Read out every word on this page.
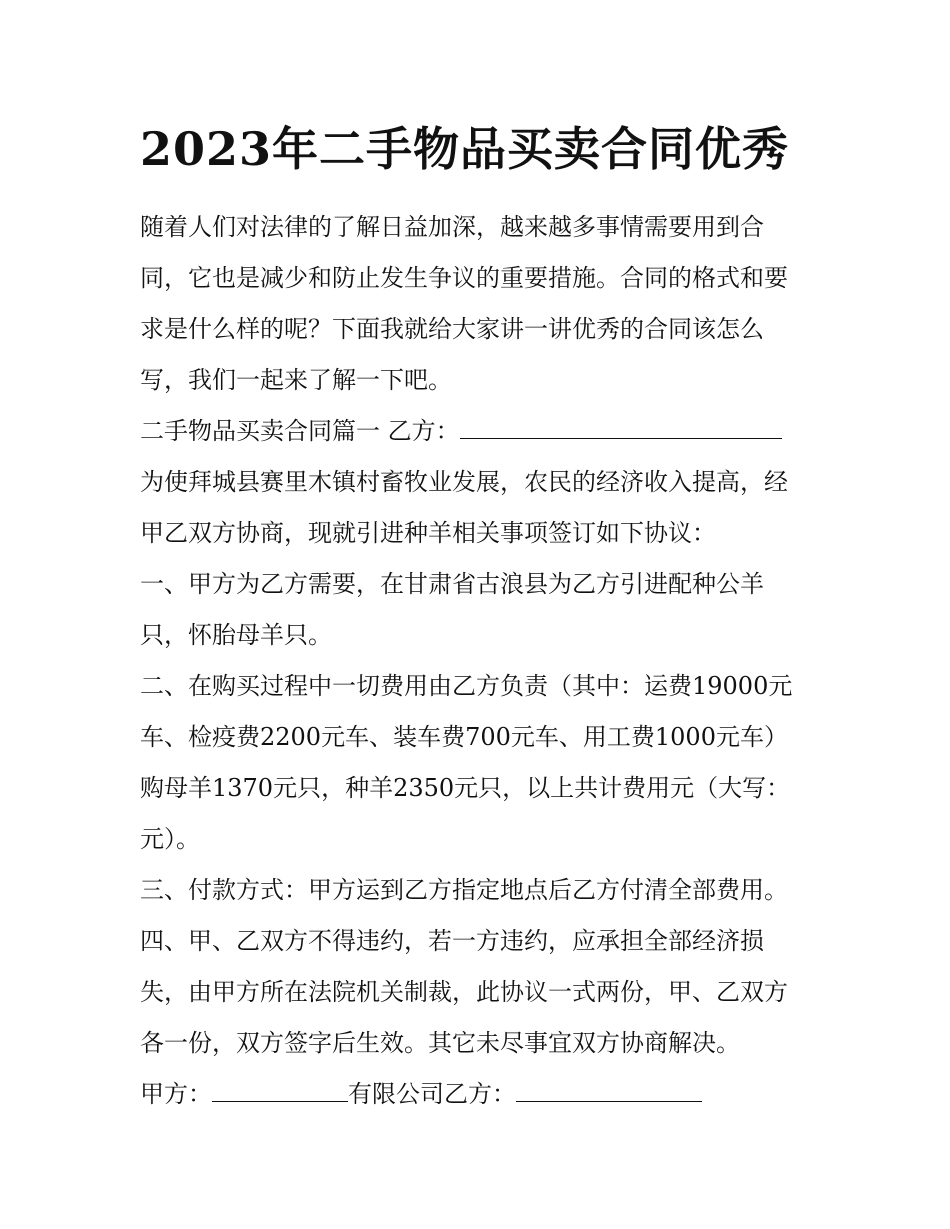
2023年二手物品买卖合同优秀

随着人们对法律的了解日益加深，越来越多事情需要用到合

同，它也是减少和防止发生争议的重要措施。合同的格式和要

求是什么样的呢？下面我就给大家讲一讲优秀的合同该怎么

写，我们一起来了解一下吧。

二手物品买卖合同篇一 乙方：

为使拜城县赛里木镇村畜牧业发展，农民的经济收入提高，经

甲乙双方协商，现就引进种羊相关事项签订如下协议：

一、甲方为乙方需要，在甘肃省古浪县为乙方引进配种公羊

只，怀胎母羊只。

二、在购买过程中一切费用由乙方负责（其中：运费19000元

车、检疫费2200元车、装车费700元车、用工费1000元车）

购母羊1370元只，种羊2350元只，以上共计费用元（大写：

元）。

三、付款方式：甲方运到乙方指定地点后乙方付清全部费用。

四、甲、乙双方不得违约，若一方违约，应承担全部经济损

失，由甲方所在法院机关制裁，此协议一式两份，甲、乙双方

各一份，双方签字后生效。其它未尽事宜双方协商解决。

甲方：	有限公司乙方：
